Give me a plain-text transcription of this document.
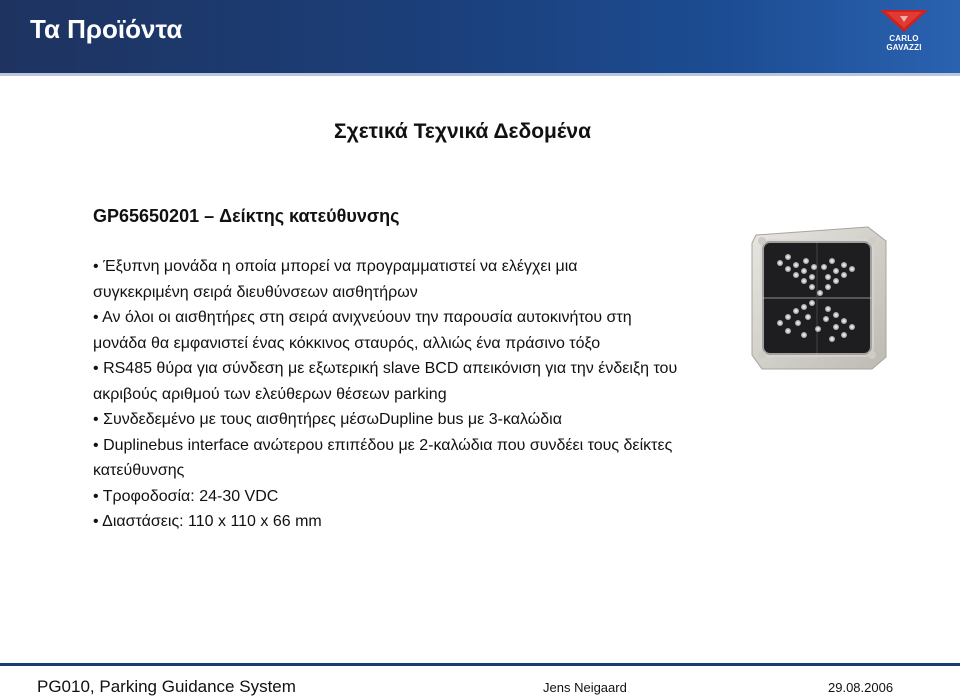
Τα Προϊόντα	CARLO GAVAZZI
Σχετικά Τεχνικά Δεδομένα
GP65650201 – Δείκτης κατεύθυνσης

• Έξυπνη μονάδα η οποία μπορεί να προγραμματιστεί να ελέγχει μια

συγκεκριμένη σειρά διευθύνσεων αισθητήρων

• Αν όλοι οι αισθητήρες στη σειρά ανιχνεύουν την παρουσία αυτοκινήτου στη

μονάδα θα εμφανιστεί ένας κόκκινος σταυρός, αλλιώς ένα πράσινο τόξο

• RS485 θύρα για σύνδεση με εξωτερική slave BCD απεικόνιση για την ένδειξη του

ακριβούς αριθμού των ελεύθερων θέσεων parking

• Συνδεδεμένο με τους αισθητήρες μέσωDupline bus με 3-καλώδια

• Duplinebus interface ανώτερου επιπέδου με 2-καλώδια που συνδέει τους δείκτες

κατεύθυνσης

• Τροφοδοσία: 24-30 VDC

• Διαστάσεις: 110 x 110 x 66 mm

PG010, Parking Guidance System	Jens Neigaard	29.08.2006
